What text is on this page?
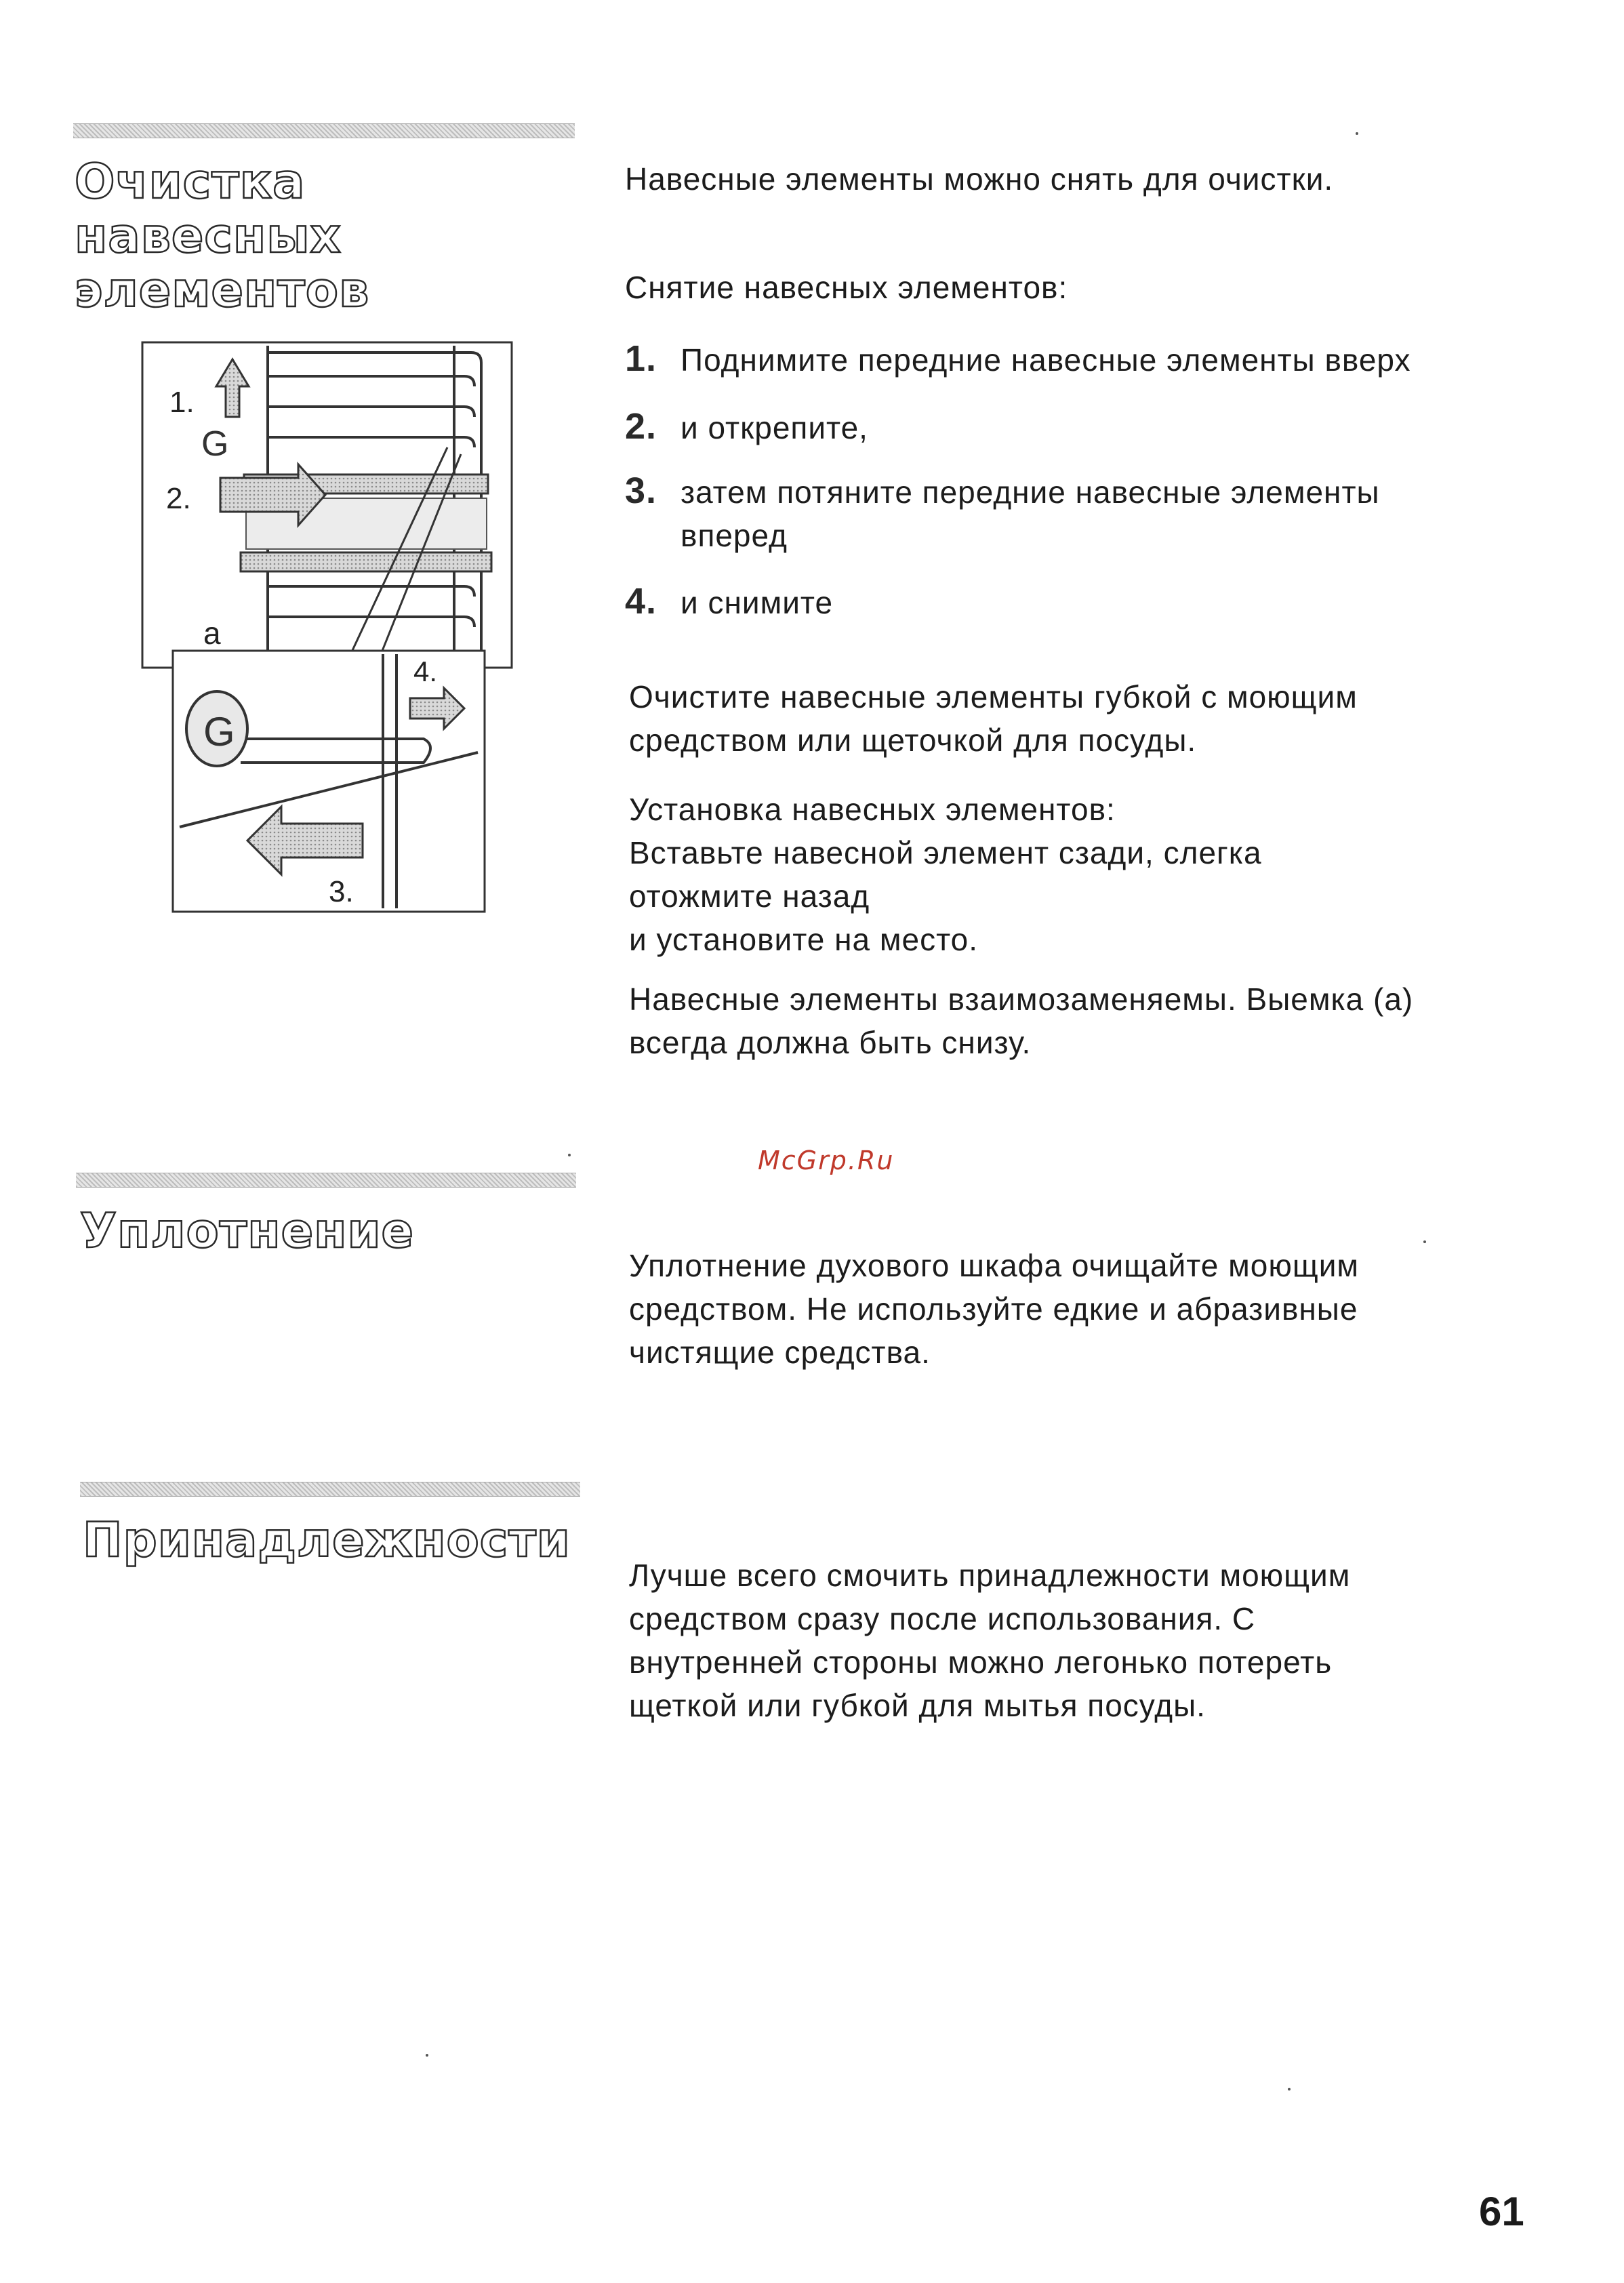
Очистка
навесных
элементов

Навесные элементы можно снять для очистки.

Снятие навесных элементов:

1. Поднимите передние навесные элементы вверх
2. и открепите,
3. затем потяните передние навесные элементы
вперед
4. и снимите
Очистите навесные элементы губкой с моющим
средством или щеточкой для посуды.
Установка навесных элементов:
Вставьте навесной элемент сзади, слегка
отожмите назад
и установите на место.
Навесные элементы взаимозаменяемы. Выемка (а)
всегда должна быть снизу.
1.
G
2.
a
G
4.
3.
McGrp.Ru
Уплотнение
Уплотнение духового шкафа очищайте моющим
средством. Не используйте едкие и абразивные
чистящие средства.
Принадлежности
Лучше всего смочить принадлежности моющим
средством сразу после использования. С
внутренней стороны можно легонько потереть
щеткой или губкой для мытья посуды.
61
